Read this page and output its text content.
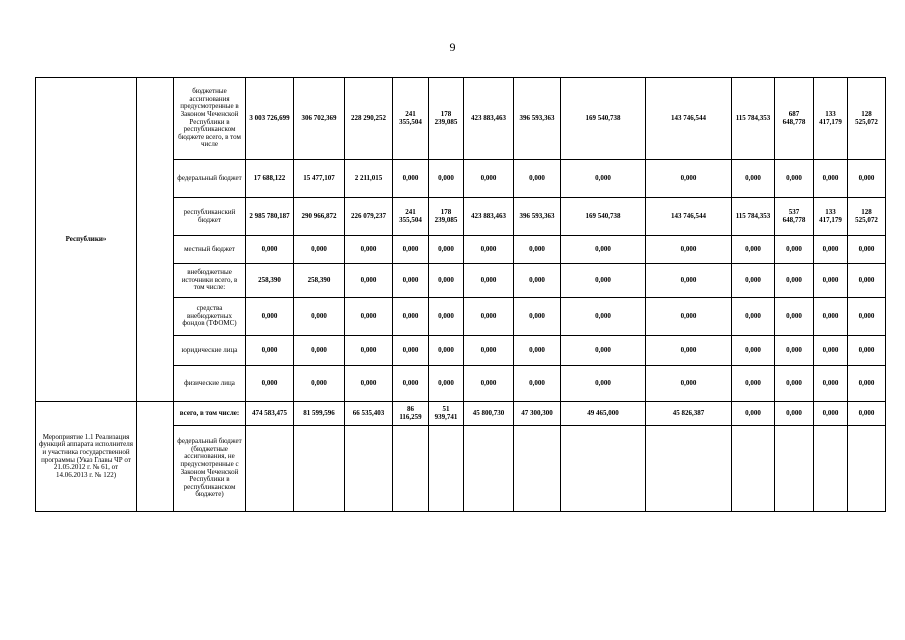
9
Республики»		бюджетные ассигнования предусмотренные в Законом Чеченской Республики в республиканском бюджете всего, в том числе	3 003 726,699	306 702,369	228 290,252	241 355,504	178 239,085	423 883,463	396 593,363	169 540,738	143 746,544	115 784,353	687 648,778	133 417,179	128 525,072
		федеральный бюджет	17 688,122	15 477,107	2 211,015	0,000	0,000	0,000	0,000	0,000	0,000	0,000	0,000	0,000	0,000
		республиканский бюджет	2 985 780,187	290 966,872	226 079,237	241 355,504	178 239,085	423 883,463	396 593,363	169 540,738	143 746,544	115 784,353	537 648,778	133 417,179	128 525,072
		местный бюджет	0,000	0,000	0,000	0,000	0,000	0,000	0,000	0,000	0,000	0,000	0,000	0,000	0,000
		внебюджетные источники всего, в том числе:	258,390	258,390	0,000	0,000	0,000	0,000	0,000	0,000	0,000	0,000	0,000	0,000	0,000
		средства внебюджетных фондов (ТФОМС)	0,000	0,000	0,000	0,000	0,000	0,000	0,000	0,000	0,000	0,000	0,000	0,000	0,000
		юридические лица	0,000	0,000	0,000	0,000	0,000	0,000	0,000	0,000	0,000	0,000	0,000	0,000	0,000
		физические лица	0,000	0,000	0,000	0,000	0,000	0,000	0,000	0,000	0,000	0,000	0,000	0,000	0,000
Мероприятие 1.1 Реализация функций аппарата исполнителя и участника государственной программы (Указ Главы ЧР от 21.05.2012 г. № 61, от 14.06.2013 г. № 122)		всего, в том числе:	474 583,475	81 599,596	66 535,403	86 116,259	51 939,741	45 800,730	47 300,300	49 465,000	45 826,387	0,000	0,000	0,000	0,000
		федеральный бюджет (бюджетные ассигнования, не предусмотренные с Законом Чеченской Республики в республиканском бюджете)													
